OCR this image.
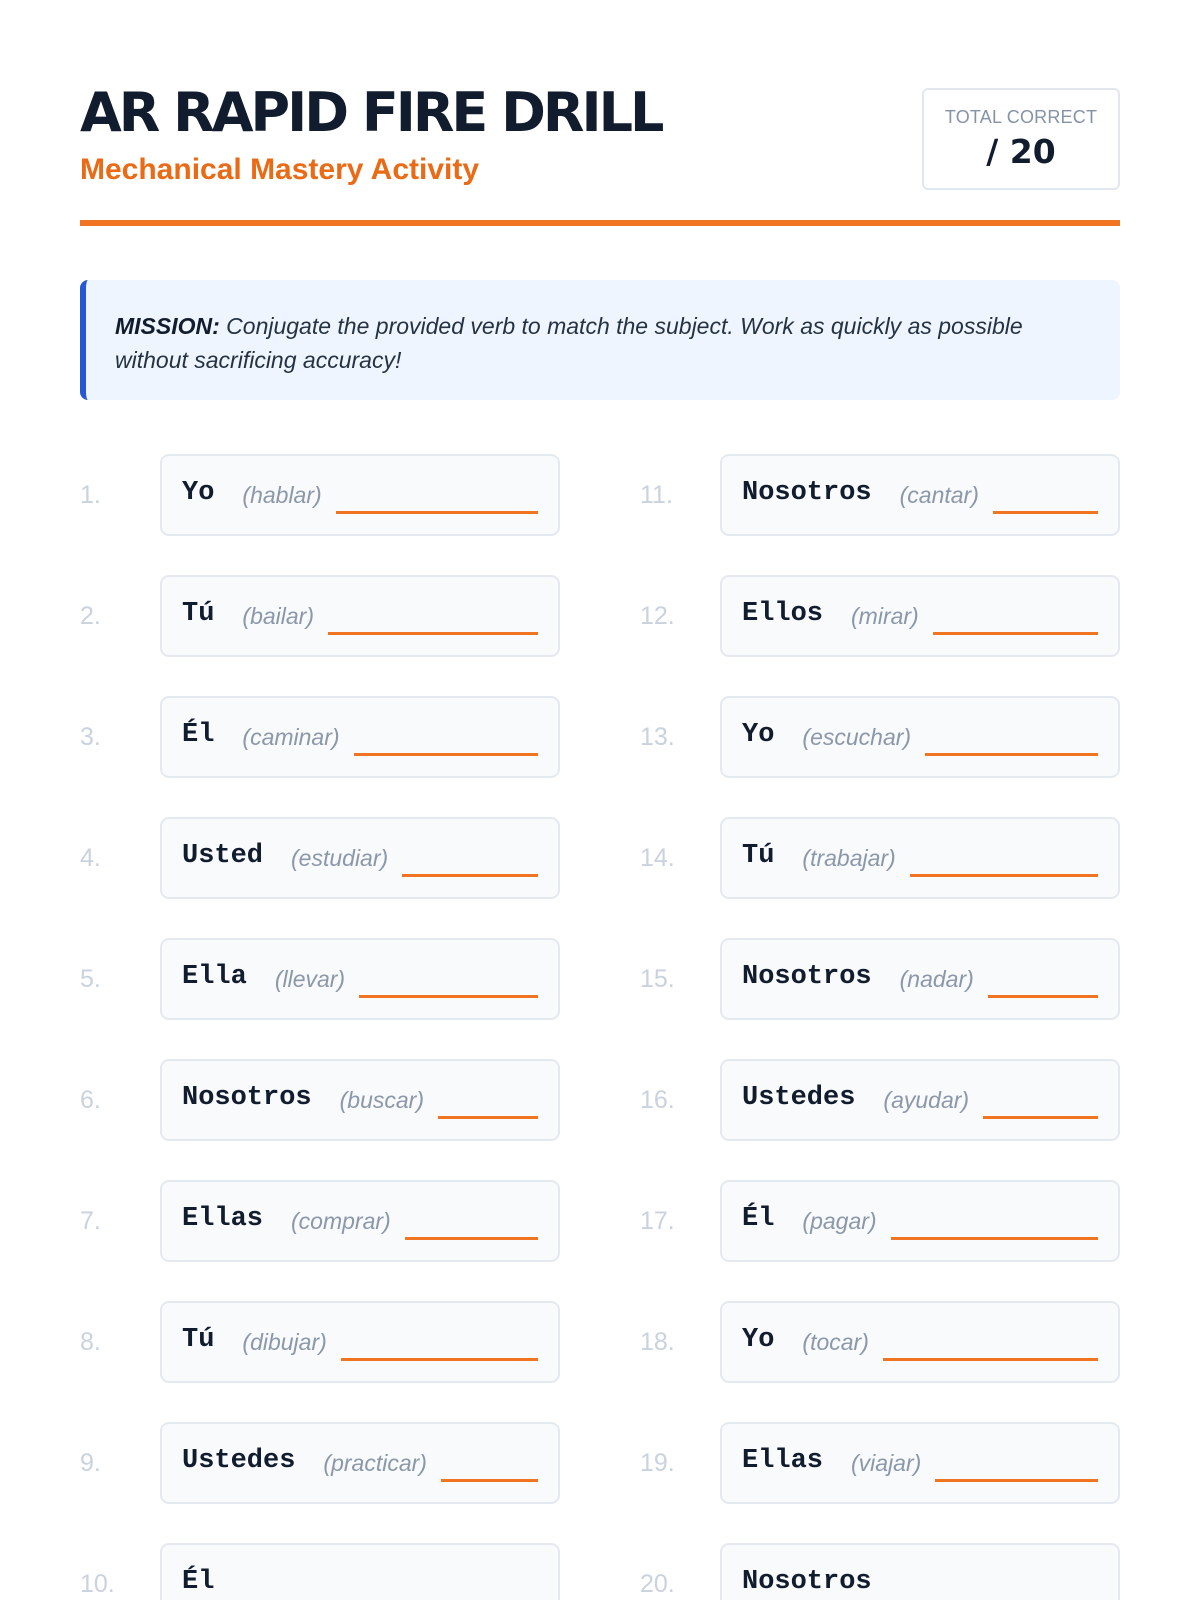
AR RAPID FIRE DRILL

Mechanical Mastery Activity

TOTAL CORRECT
/ 20
MISSION: Conjugate the provided verb to match the subject. Work as quickly as possible without sacrificing accuracy!
1.	Yo (hablar)
2.	Tú (bailar)
3.	Él (caminar)
4.	Usted (estudiar)
5.	Ella (llevar)
6.	Nosotros (buscar)
7.	Ellas (comprar)
8.	Tú (dibujar)
9.	Ustedes (practicar)
10. Él
11.	Nosotros (cantar)
12. Ellos (mirar)
13. Yo (escuchar)
14. Tú (trabajar)
15. Nosotros (nadar)
16. Ustedes (ayudar)
17. Él (pagar)
18. Yo (tocar)
19. Ellas (viajar)
20. Nosotros
